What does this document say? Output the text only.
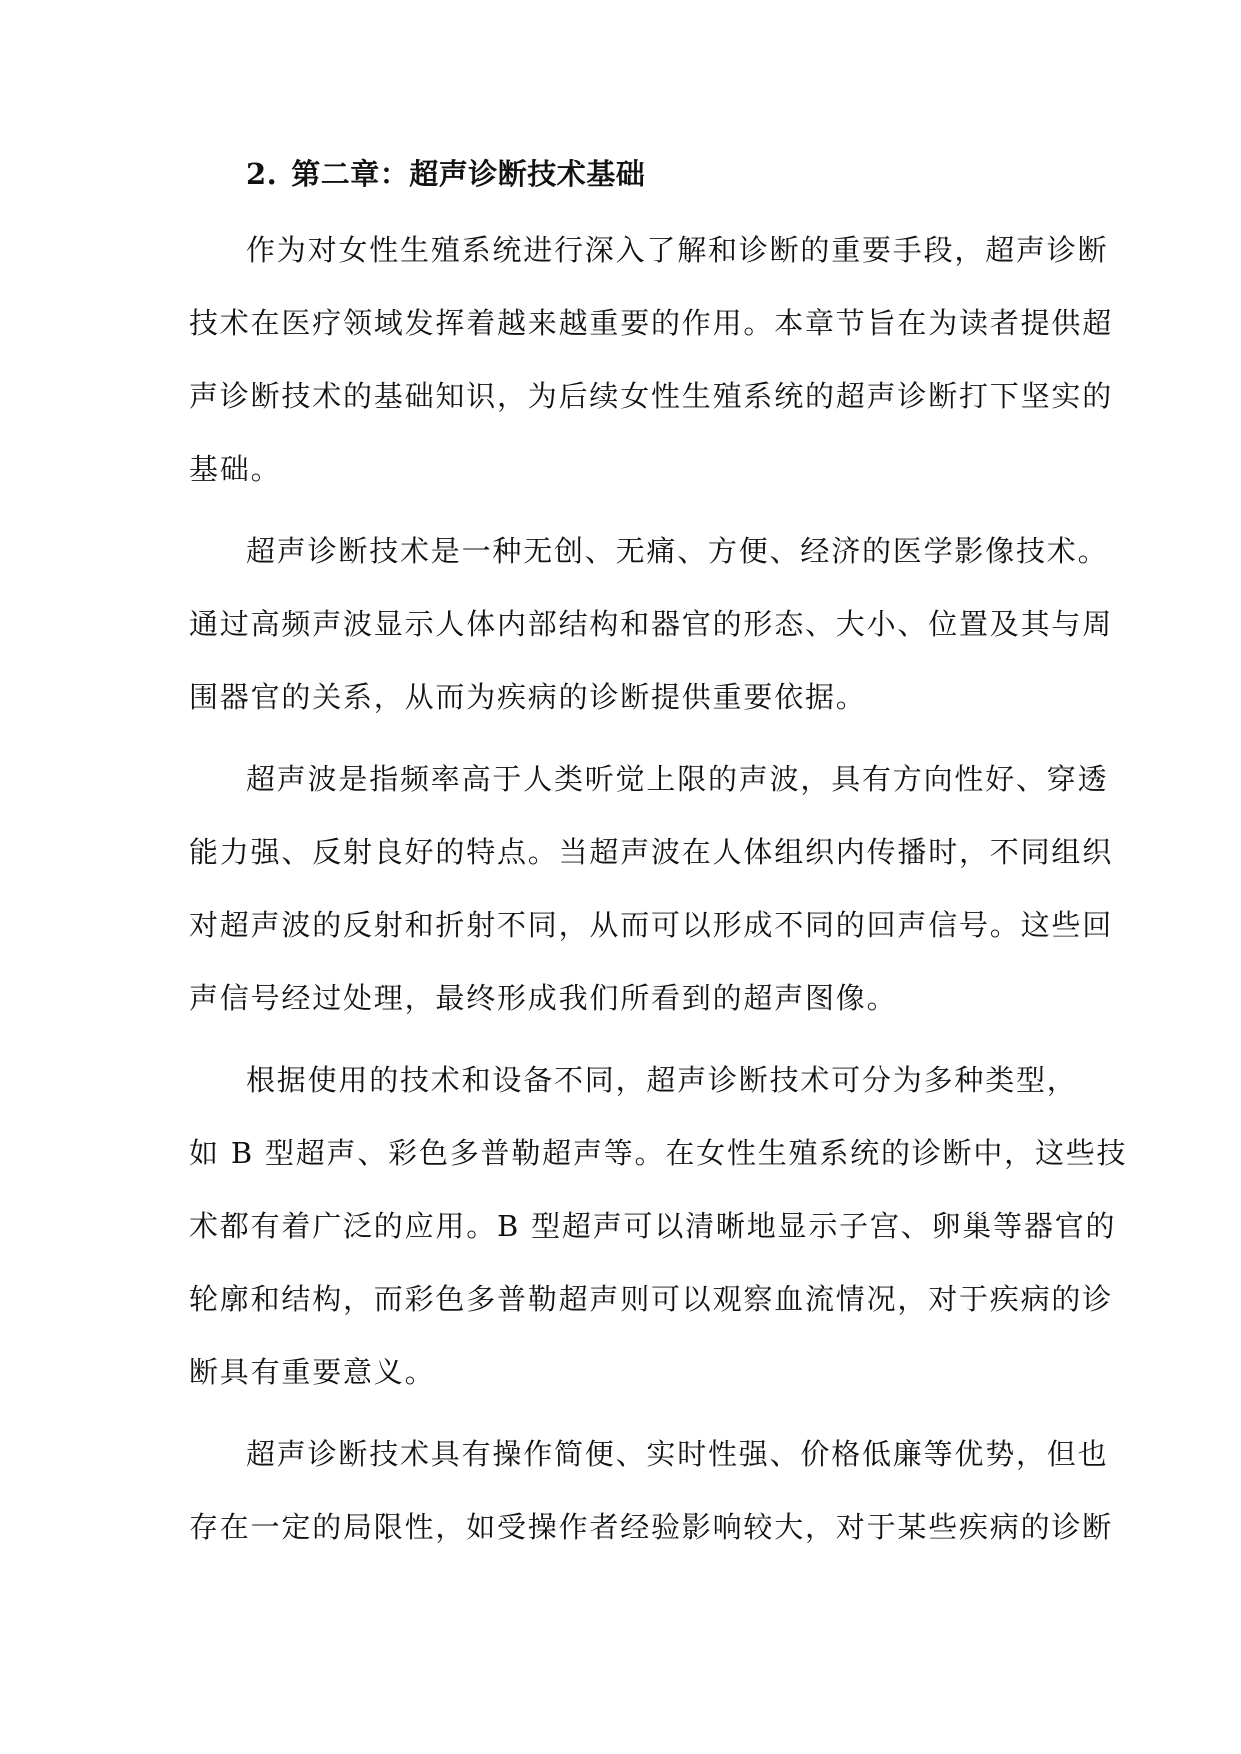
2. 第二章：超声诊断技术基础
作为对女性生殖系统进行深入了解和诊断的重要手段，超声诊断
技术在医疗领域发挥着越来越重要的作用。本章节旨在为读者提供超
声诊断技术的基础知识，为后续女性生殖系统的超声诊断打下坚实的
基础。
超声诊断技术是一种无创、无痛、方便、经济的医学影像技术。
通过高频声波显示人体内部结构和器官的形态、大小、位置及其与周
围器官的关系，从而为疾病的诊断提供重要依据。
超声波是指频率高于人类听觉上限的声波，具有方向性好、穿透
能力强、反射良好的特点。当超声波在人体组织内传播时，不同组织
对超声波的反射和折射不同，从而可以形成不同的回声信号。这些回
声信号经过处理，最终形成我们所看到的超声图像。
根据使用的技术和设备不同，超声诊断技术可分为多种类型，
如 B 型超声、彩色多普勒超声等。在女性生殖系统的诊断中，这些技
术都有着广泛的应用。B 型超声可以清晰地显示子宫、卵巢等器官的
轮廓和结构，而彩色多普勒超声则可以观察血流情况，对于疾病的诊
断具有重要意义。
超声诊断技术具有操作简便、实时性强、价格低廉等优势，但也
存在一定的局限性，如受操作者经验影响较大，对于某些疾病的诊断
